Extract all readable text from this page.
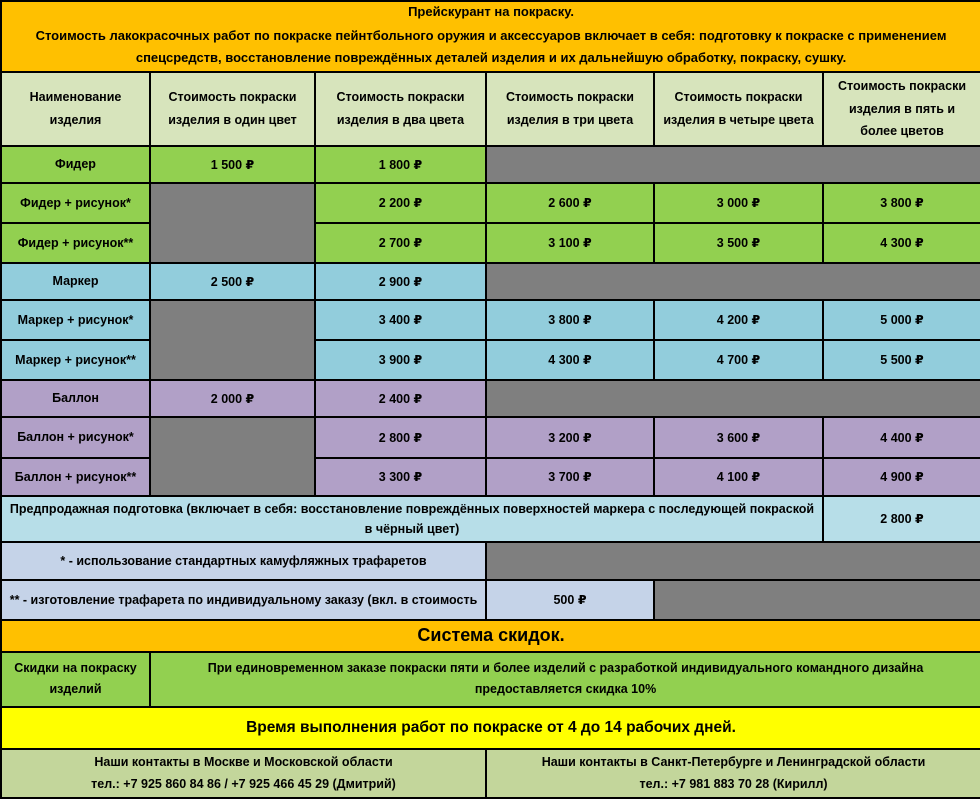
Прейскурант на покраску.
Стоимость лакокрасочных работ по покраске пейнтбольного оружия и аксессуаров включает в себя: подготовку к покраске с применением спецсредств, восстановление повреждённых деталей изделия и их дальнейшую обработку, покраску, сушку.					

Наименование изделия	Стоимость покраски изделия в один цвет	Стоимость покраски изделия в два цвета	Стоимость покраски изделия в три цвета	Стоимость покраски изделия в четыре цвета	Стоимость покраски изделия в пять и более цветов
Фидер	1 500 ₽	1 800 ₽			
Фидер + рисунок*		2 200 ₽	2 600 ₽	3 000 ₽	3 800 ₽
Фидер + рисунок**		2 700 ₽	3 100 ₽	3 500 ₽	4 300 ₽
Маркер	2 500 ₽	2 900 ₽			
Маркер + рисунок*		3 400 ₽	3 800 ₽	4 200 ₽	5 000 ₽
Маркер + рисунок**		3 900 ₽	4 300 ₽	4 700 ₽	5 500 ₽
Баллон	2 000 ₽	2 400 ₽			
Баллон + рисунок*		2 800 ₽	3 200 ₽	3 600 ₽	4 400 ₽
Баллон + рисунок**		3 300 ₽	3 700 ₽	4 100 ₽	4 900 ₽
Предпродажная подготовка (включает в себя: восстановление повреждённых поверхностей маркера с последующей покраской в чёрный цвет)					2 800 ₽
* - использование стандартных камуфляжных трафаретов					
** - изготовление трафарета по индивидуальному заказу (вкл. в стоимость			500 ₽		
Система скидок.					
Скидки на покраску изделий	При единовременном заказе покраски пяти и более изделий с разработкой индивидуального командного дизайна предоставляется скидка 10%				
Время выполнения работ по покраске от 4 до 14 рабочих дней.					

Наши контакты в Москве и Московской области
тел.: +7 925 860 84 86 / +7 925 466 45 29 (Дмитрий)

Наши контакты в Санкт-Петербурге и Ленинградской области
тел.: +7 981 883 70 28 (Кирилл)
